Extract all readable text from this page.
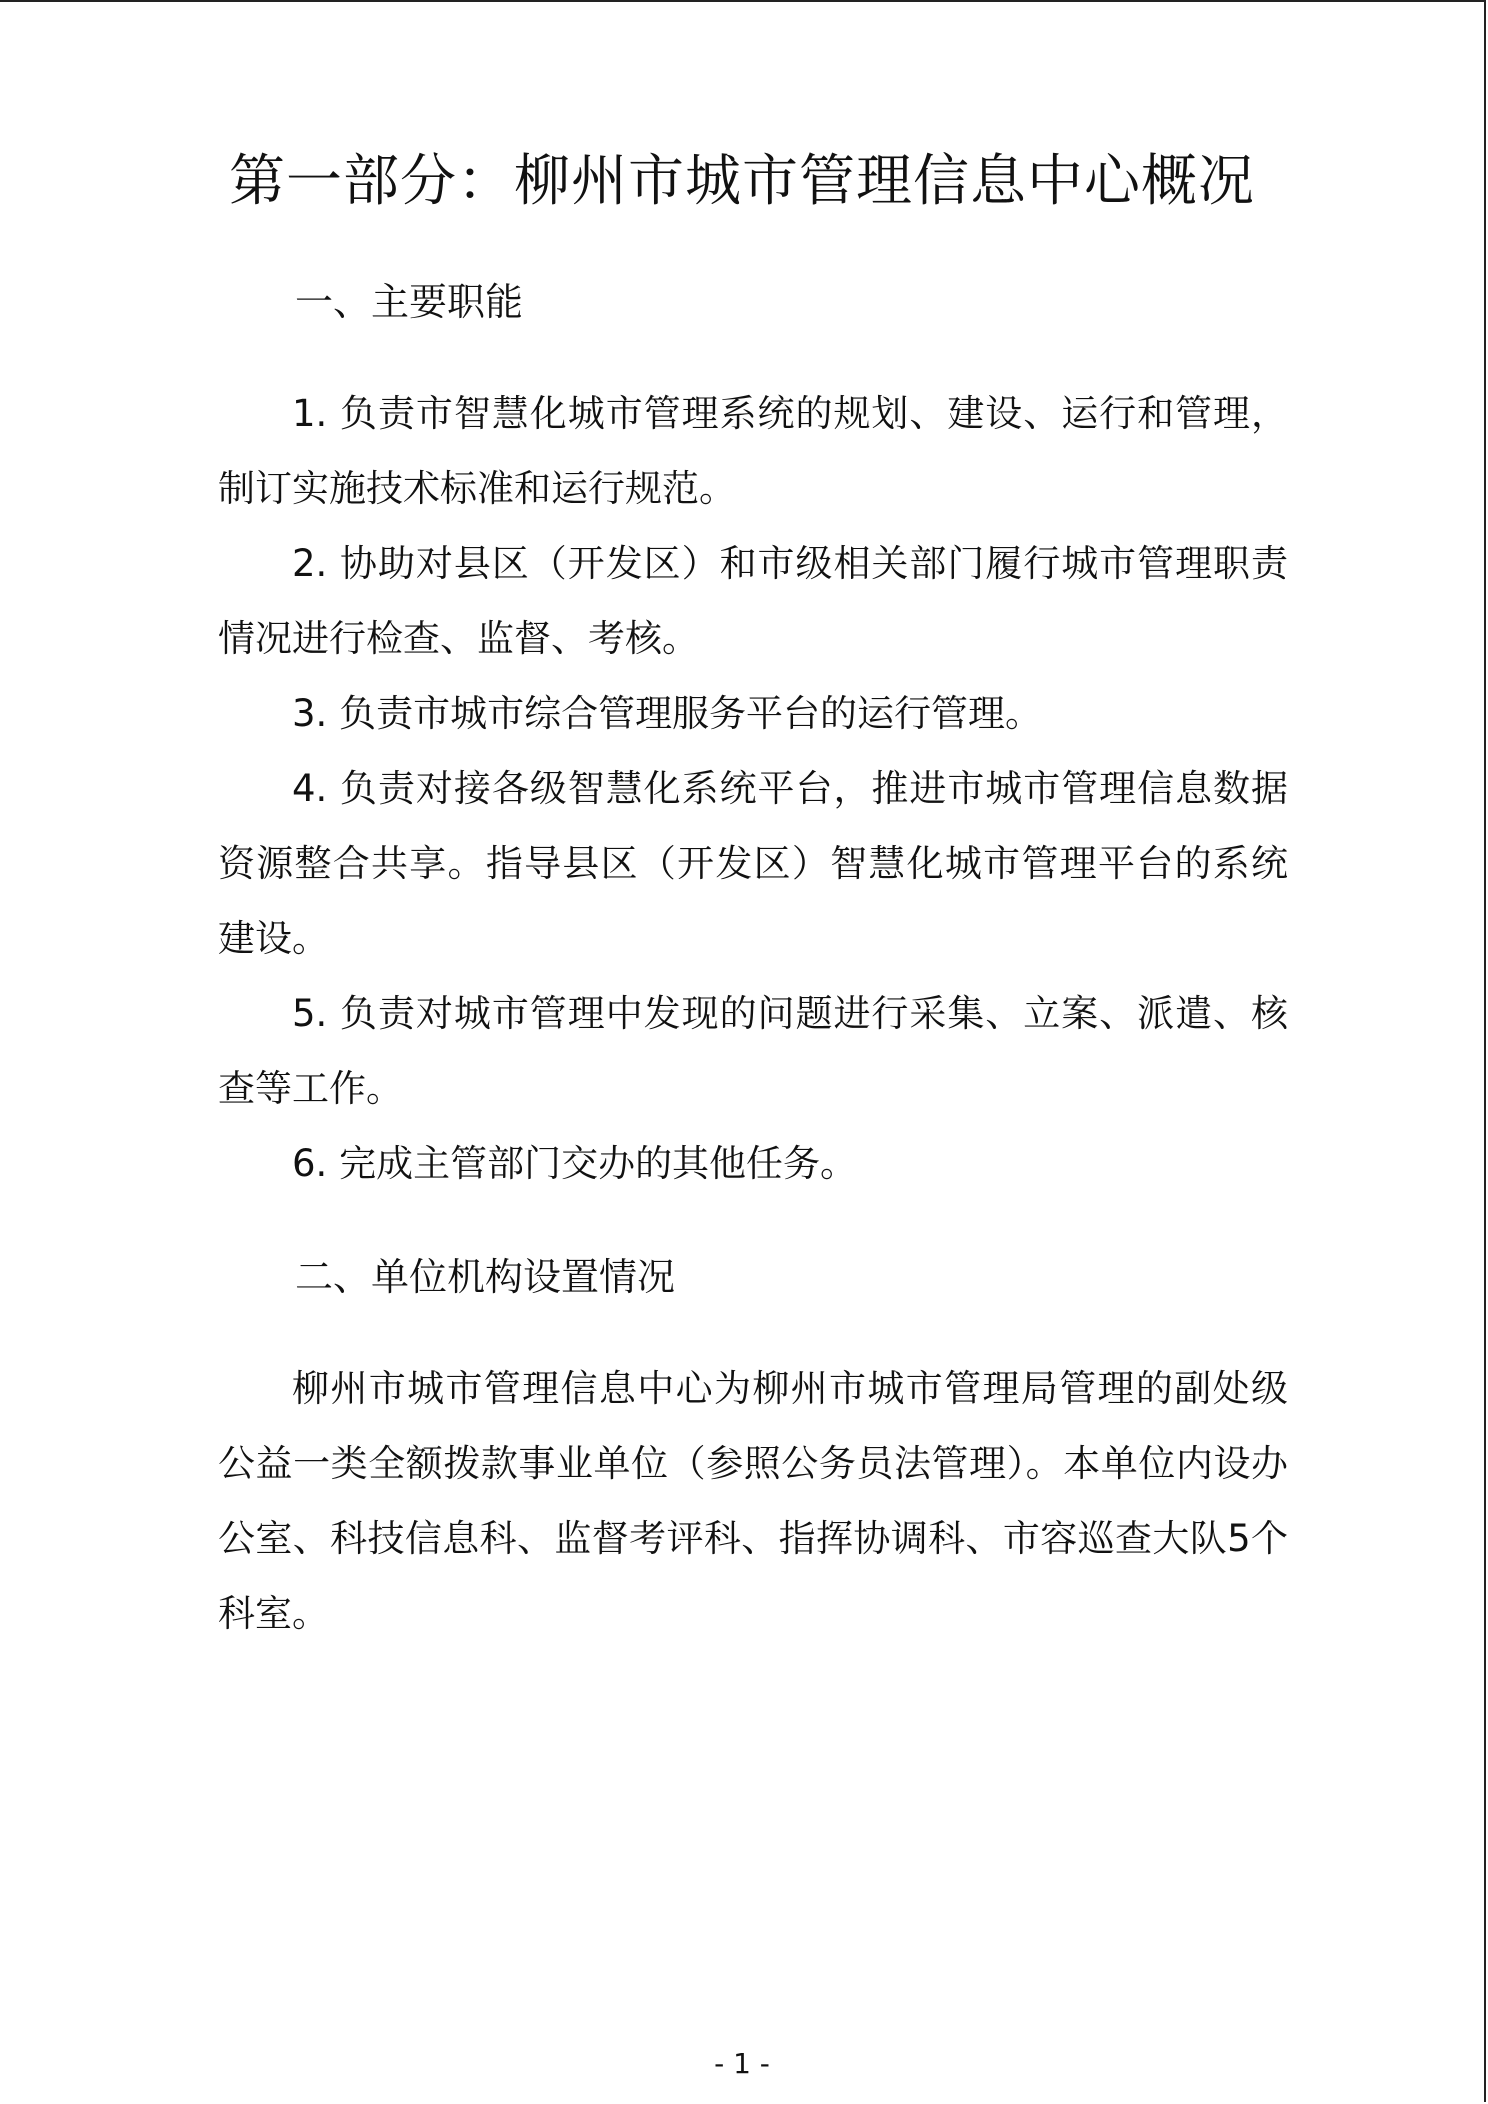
第一部分：柳州市城市管理信息中心概况
一、主要职能

1. 负责市智慧化城市管理系统的规划、建设、运行和管理，制订实施技术标准和运行规范。

2. 协助对县区（开发区）和市级相关部门履行城市管理职责情况进行检查、监督、考核。

3. 负责市城市综合管理服务平台的运行管理。

4. 负责对接各级智慧化系统平台，推进市城市管理信息数据资源整合共享。指导县区（开发区）智慧化城市管理平台的系统建设。

5. 负责对城市管理中发现的问题进行采集、立案、派遣、核查等工作。

6. 完成主管部门交办的其他任务。

二、单位机构设置情况

柳州市城市管理信息中心为柳州市城市管理局管理的副处级公益一类全额拨款事业单位（参照公务员法管理）。本单位内设办公室、科技信息科、监督考评科、指挥协调科、市容巡查大队5个科室。

- 1 -
